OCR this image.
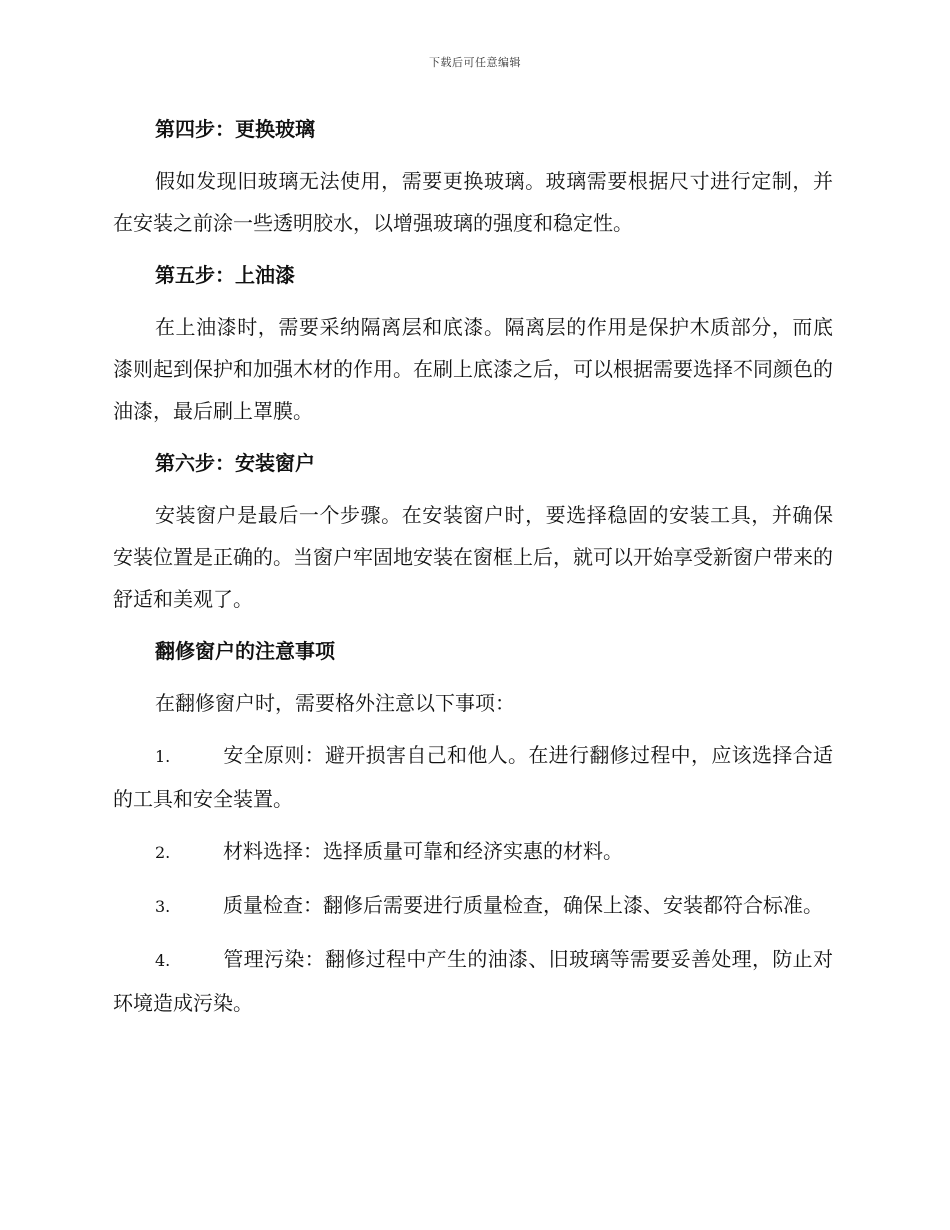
下载后可任意编辑
第四步：更换玻璃

假如发现旧玻璃无法使用，需要更换玻璃。玻璃需要根据尺寸进行定制，并在安装之前涂一些透明胶水，以增强玻璃的强度和稳定性。

第五步：上油漆

在上油漆时，需要采纳隔离层和底漆。隔离层的作用是保护木质部分，而底漆则起到保护和加强木材的作用。在刷上底漆之后，可以根据需要选择不同颜色的油漆，最后刷上罩膜。

第六步：安装窗户

安装窗户是最后一个步骤。在安装窗户时，要选择稳固的安装工具，并确保安装位置是正确的。当窗户牢固地安装在窗框上后，就可以开始享受新窗户带来的舒适和美观了。

翻修窗户的注意事项

在翻修窗户时，需要格外注意以下事项：

1.	安全原则：避开损害自己和他人。在进行翻修过程中，应该选择合适的工具和安全装置。

2.	材料选择：选择质量可靠和经济实惠的材料。

3.	质量检查：翻修后需要进行质量检查，确保上漆、安装都符合标准。

4.	管理污染：翻修过程中产生的油漆、旧玻璃等需要妥善处理，防止对环境造成污染。
